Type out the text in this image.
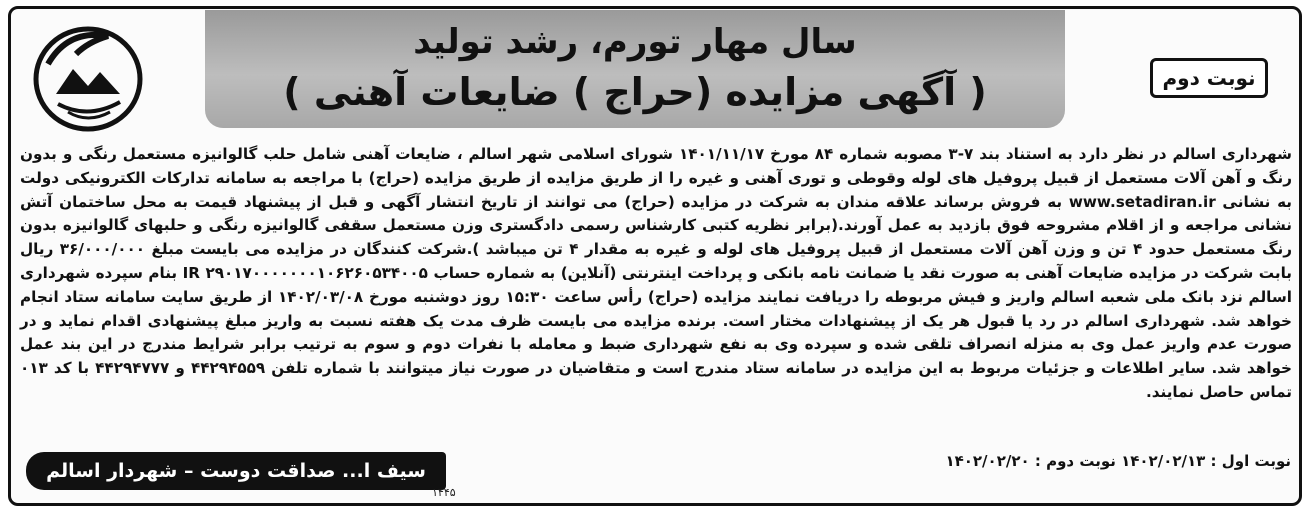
سال مهار تورم، رشد تولید
( آگهی مزایده (حراج ) ضایعات آهنی )	نوبت دوم
شهرداری اسالم در نظر دارد به استناد بند ۷-۳ مصوبه شماره ۸۴ مورخ ۱۴۰۱/۱۱/۱۷ شورای اسلامی شهر اسالم ، ضایعات آهنی شامل حلب گالوانیزه مستعمل رنگی و بدون رنگ و آهن آلات مستعمل از قبیل پروفیل های لوله وقوطی و توری آهنی و غیره را از طریق مزایده از طریق مزایده (حراج) با مراجعه به سامانه تدارکات الکترونیکی دولت به نشانی www.setadiran.ir به فروش برساند علاقه مندان به شرکت در مزایده (حراج) می توانند از تاریخ انتشار آگهی و قبل از پیشنهاد قیمت به محل ساختمان آتش نشانی مراجعه و از اقلام مشروحه فوق بازدید به عمل آورند.(برابر نظریه کتبی کارشناس رسمی دادگستری وزن مستعمل سقفی گالوانیزه رنگی و حلبهای گالوانیزه بدون رنگ مستعمل حدود ۴ تن و وزن آهن آلات مستعمل از قبیل پروفیل های لوله و غیره به مقدار ۴ تن میباشد ).شرکت کنندگان در مزایده می بایست مبلغ ۳۶/۰۰۰/۰۰۰ ریال بابت شرکت در مزایده ضایعات آهنی به صورت نقد یا ضمانت نامه بانکی و پرداخت اینترنتی (آنلاین) به شماره حساب IR ۲۹۰۱۷۰۰۰۰۰۰۰۱۰۶۲۶۰۵۳۴۰۰۵ بنام سپرده شهرداری اسالم نزد بانک ملی شعبه اسالم واریز و فیش مربوطه را دریافت نمایند مزایده (حراج) رأس ساعت ۱۵:۳۰ روز دوشنبه مورخ ۱۴۰۲/۰۳/۰۸ از طریق سایت سامانه ستاد انجام خواهد شد. شهرداری اسالم در رد یا قبول هر یک از پیشنهادات مختار است. برنده مزایده می بایست ظرف مدت یک هفته نسبت به واریز مبلغ پیشنهادی اقدام نماید و در صورت عدم واریز عمل وی به منزله انصراف تلقی شده و سپرده وی به نفع شهرداری ضبط و معامله با نفرات دوم و سوم به ترتیب برابر شرایط مندرج در این بند عمل خواهد شد. سایر اطلاعات و جزئیات مربوط به این مزایده در سامانه ستاد مندرج است و متقاضیان در صورت نیاز میتوانند با شماره تلفن ۴۴۲۹۴۵۵۹ و ۴۴۲۹۴۷۷۷ با کد ۰۱۳ تماس حاصل نمایند.
سیف ا... صداقت دوست – شهردار اسالم	نوبت اول : ۱۴۰۲/۰۲/۱۳ نوبت دوم : ۱۴۰۲/۰۲/۲۰
۱۴۴۵
